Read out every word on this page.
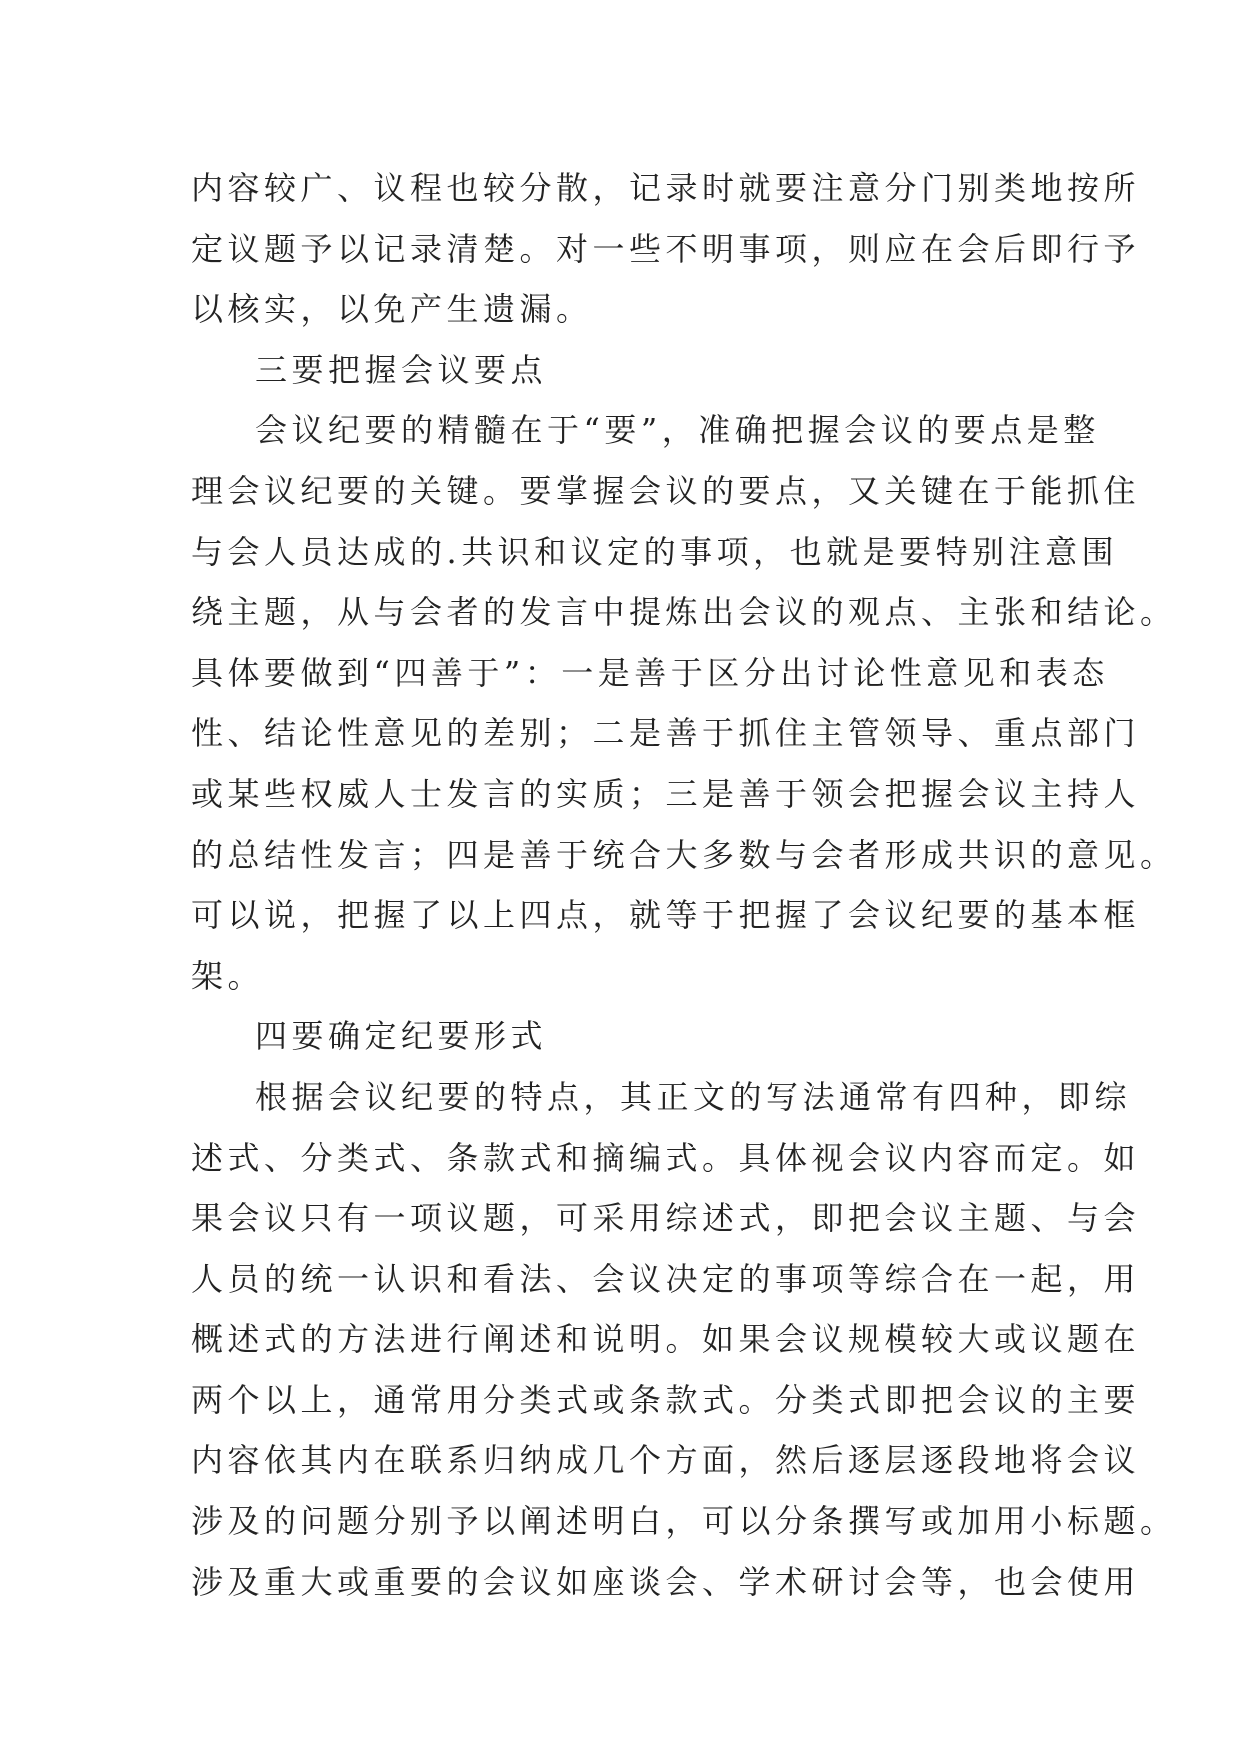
内容较广、议程也较分散，记录时就要注意分门别类地按所
定议题予以记录清楚。对一些不明事项，则应在会后即行予
以核实，以免产生遗漏。
三要把握会议要点
会议纪要的精髓在于“要”，准确把握会议的要点是整
理会议纪要的关键。要掌握会议的要点，又关键在于能抓住
与会人员达成的.共识和议定的事项，也就是要特别注意围
绕主题，从与会者的发言中提炼出会议的观点、主张和结论。
具体要做到“四善于”：一是善于区分出讨论性意见和表态
性、结论性意见的差别；二是善于抓住主管领导、重点部门
或某些权威人士发言的实质；三是善于领会把握会议主持人
的总结性发言；四是善于统合大多数与会者形成共识的意见。
可以说，把握了以上四点，就等于把握了会议纪要的基本框
架。
四要确定纪要形式
根据会议纪要的特点，其正文的写法通常有四种，即综
述式、分类式、条款式和摘编式。具体视会议内容而定。如
果会议只有一项议题，可采用综述式，即把会议主题、与会
人员的统一认识和看法、会议决定的事项等综合在一起，用
概述式的方法进行阐述和说明。如果会议规模较大或议题在
两个以上，通常用分类式或条款式。分类式即把会议的主要
内容依其内在联系归纳成几个方面，然后逐层逐段地将会议
涉及的问题分别予以阐述明白，可以分条撰写或加用小标题。
涉及重大或重要的会议如座谈会、学术研讨会等，也会使用
